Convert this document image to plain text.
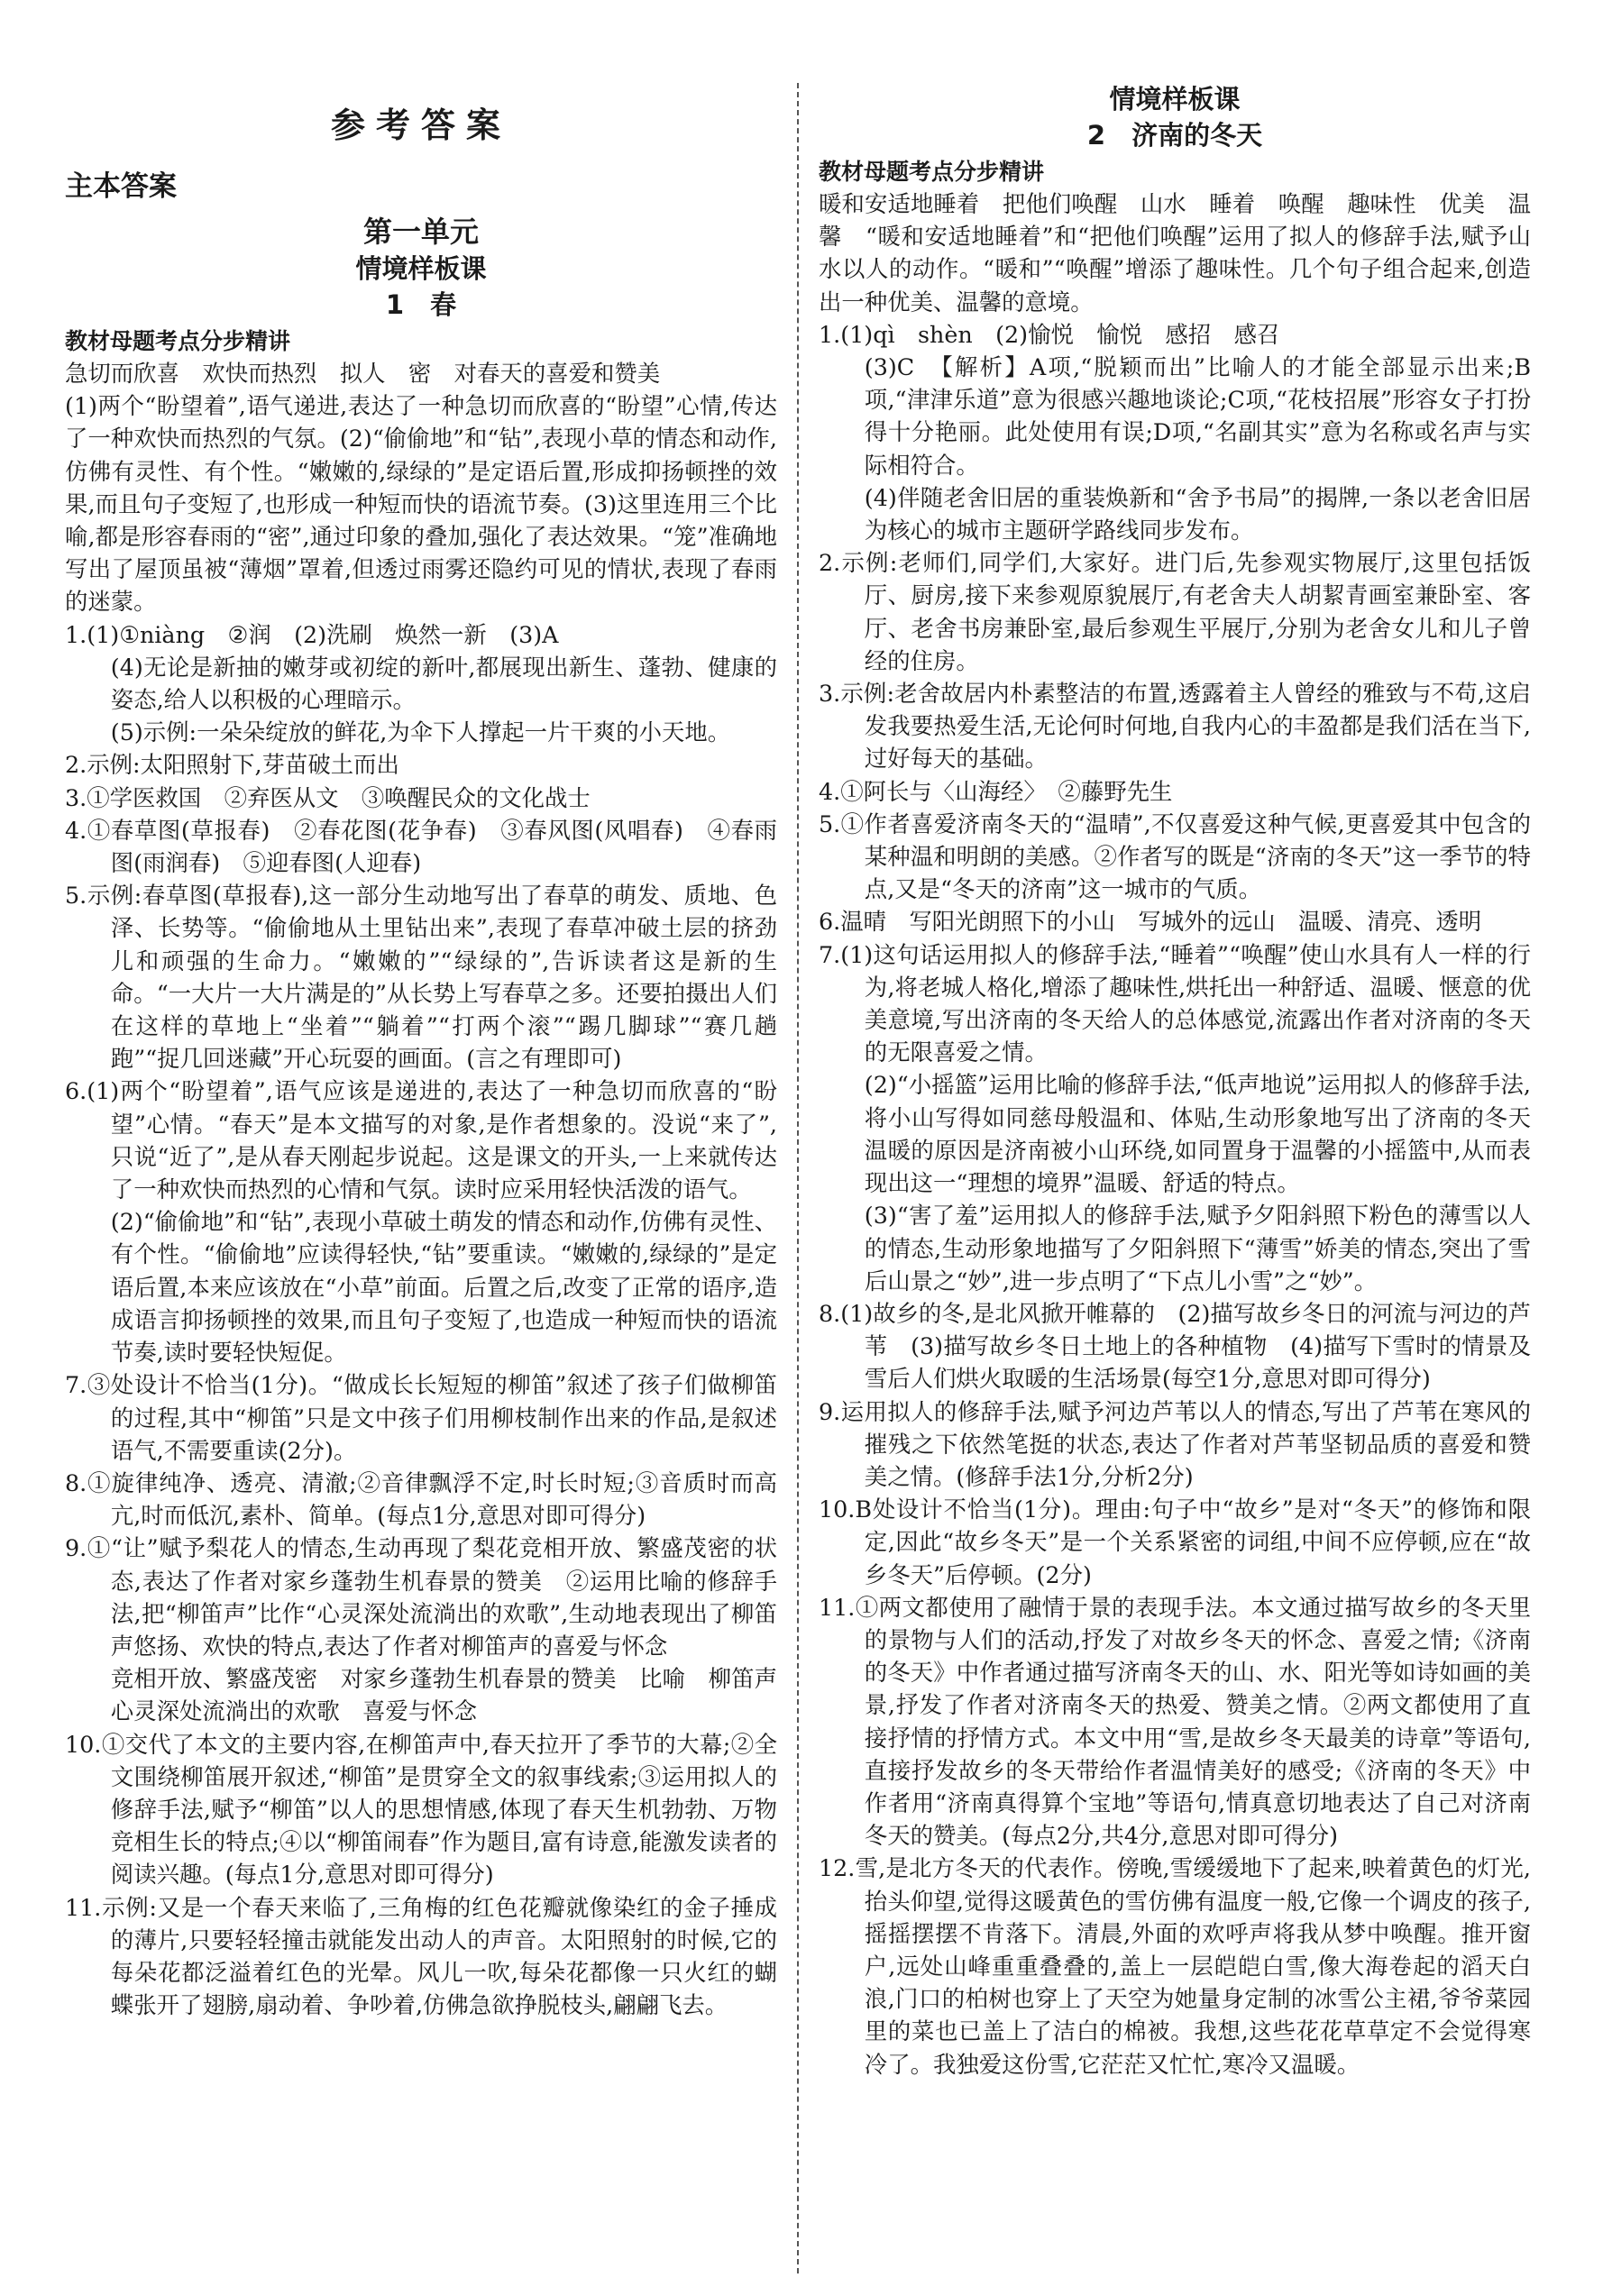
参考答案
主本答案
第一单元
情境样板课
1　春
教材母题考点分步精讲

急切而欣喜　欢快而热烈　拟人　密　对春天的喜爱和赞美

(1)两个“盼望着”,语气递进,表达了一种急切而欣喜的“盼望”心情,传达了一种欢快而热烈的气氛。(2)“偷偷地”和“钻”,表现小草的情态和动作,仿佛有灵性、有个性。“嫩嫩的,绿绿的”是定语后置,形成抑扬顿挫的效果,而且句子变短了,也形成一种短而快的语流节奏。(3)这里连用三个比喻,都是形容春雨的“密”,通过印象的叠加,强化了表达效果。“笼”准确地写出了屋顶虽被“薄烟”罩着,但透过雨雾还隐约可见的情状,表现了春雨的迷蒙。

1.(1)①niàng　②润　(2)洗刷　焕然一新　(3)A

(4)无论是新抽的嫩芽或初绽的新叶,都展现出新生、蓬勃、健康的姿态,给人以积极的心理暗示。

(5)示例:一朵朵绽放的鲜花,为伞下人撑起一片干爽的小天地。

2.示例:太阳照射下,芽苗破土而出

3.①学医救国　②弃医从文　③唤醒民众的文化战士

4.①春草图(草报春)　②春花图(花争春)　③春风图(风唱春)　④春雨图(雨润春)　⑤迎春图(人迎春)

5.示例:春草图(草报春),这一部分生动地写出了春草的萌发、质地、色泽、长势等。“偷偷地从土里钻出来”,表现了春草冲破土层的挤劲儿和顽强的生命力。“嫩嫩的”“绿绿的”,告诉读者这是新的生命。“一大片一大片满是的”从长势上写春草之多。还要拍摄出人们在这样的草地上“坐着”“躺着”“打两个滚”“踢几脚球”“赛几趟跑”“捉几回迷藏”开心玩耍的画面。(言之有理即可)

6.(1)两个“盼望着”,语气应该是递进的,表达了一种急切而欣喜的“盼望”心情。“春天”是本文描写的对象,是作者想象的。没说“来了”,只说“近了”,是从春天刚起步说起。这是课文的开头,一上来就传达了一种欢快而热烈的心情和气氛。读时应采用轻快活泼的语气。

(2)“偷偷地”和“钻”,表现小草破土萌发的情态和动作,仿佛有灵性、有个性。“偷偷地”应读得轻快,“钻”要重读。“嫩嫩的,绿绿的”是定语后置,本来应该放在“小草”前面。后置之后,改变了正常的语序,造成语言抑扬顿挫的效果,而且句子变短了,也造成一种短而快的语流节奏,读时要轻快短促。

7.③处设计不恰当(1分)。“做成长长短短的柳笛”叙述了孩子们做柳笛的过程,其中“柳笛”只是文中孩子们用柳枝制作出来的作品,是叙述语气,不需要重读(2分)。

8.①旋律纯净、透亮、清澈;②音律飘浮不定,时长时短;③音质时而高亢,时而低沉,素朴、简单。(每点1分,意思对即可得分)

9.①“让”赋予梨花人的情态,生动再现了梨花竞相开放、繁盛茂密的状态,表达了作者对家乡蓬勃生机春景的赞美　②运用比喻的修辞手法,把“柳笛声”比作“心灵深处流淌出的欢歌”,生动地表现出了柳笛声悠扬、欢快的特点,表达了作者对柳笛声的喜爱与怀念

竞相开放、繁盛茂密　对家乡蓬勃生机春景的赞美　比喻　柳笛声　心灵深处流淌出的欢歌　喜爱与怀念

10.①交代了本文的主要内容,在柳笛声中,春天拉开了季节的大幕;②全文围绕柳笛展开叙述,“柳笛”是贯穿全文的叙事线索;③运用拟人的修辞手法,赋予“柳笛”以人的思想情感,体现了春天生机勃勃、万物竞相生长的特点;④以“柳笛闹春”作为题目,富有诗意,能激发读者的阅读兴趣。(每点1分,意思对即可得分)

11.示例:又是一个春天来临了,三角梅的红色花瓣就像染红的金子捶成的薄片,只要轻轻撞击就能发出动人的声音。太阳照射的时候,它的每朵花都泛溢着红色的光晕。风儿一吹,每朵花都像一只火红的蝴蝶张开了翅膀,扇动着、争吵着,仿佛急欲挣脱枝头,翩翩飞去。

情境样板课
2　济南的冬天
教材母题考点分步精讲

暖和安适地睡着　把他们唤醒　山水　睡着　唤醒　趣味性　优美　温馨　“暖和安适地睡着”和“把他们唤醒”运用了拟人的修辞手法,赋予山水以人的动作。“暖和”“唤醒”增添了趣味性。几个句子组合起来,创造出一种优美、温馨的意境。

1.(1)qì　shèn　(2)愉悦　愉悦　感招　感召

(3)C　【解析】A项,“脱颖而出”比喻人的才能全部显示出来;B项,“津津乐道”意为很感兴趣地谈论;C项,“花枝招展”形容女子打扮得十分艳丽。此处使用有误;D项,“名副其实”意为名称或名声与实际相符合。

(4)伴随老舍旧居的重装焕新和“舍予书局”的揭牌,一条以老舍旧居为核心的城市主题研学路线同步发布。

2.示例:老师们,同学们,大家好。进门后,先参观实物展厅,这里包括饭厅、厨房,接下来参观原貌展厅,有老舍夫人胡絜青画室兼卧室、客厅、老舍书房兼卧室,最后参观生平展厅,分别为老舍女儿和儿子曾经的住房。

3.示例:老舍故居内朴素整洁的布置,透露着主人曾经的雅致与不苟,这启发我要热爱生活,无论何时何地,自我内心的丰盈都是我们活在当下,过好每天的基础。

4.①阿长与〈山海经〉　②藤野先生

5.①作者喜爱济南冬天的“温晴”,不仅喜爱这种气候,更喜爱其中包含的某种温和明朗的美感。②作者写的既是“济南的冬天”这一季节的特点,又是“冬天的济南”这一城市的气质。

6.温晴　写阳光朗照下的小山　写城外的远山　温暖、清亮、透明

7.(1)这句话运用拟人的修辞手法,“睡着”“唤醒”使山水具有人一样的行为,将老城人格化,增添了趣味性,烘托出一种舒适、温暖、惬意的优美意境,写出济南的冬天给人的总体感觉,流露出作者对济南的冬天的无限喜爱之情。

(2)“小摇篮”运用比喻的修辞手法,“低声地说”运用拟人的修辞手法,将小山写得如同慈母般温和、体贴,生动形象地写出了济南的冬天温暖的原因是济南被小山环绕,如同置身于温馨的小摇篮中,从而表现出这一“理想的境界”温暖、舒适的特点。

(3)“害了羞”运用拟人的修辞手法,赋予夕阳斜照下粉色的薄雪以人的情态,生动形象地描写了夕阳斜照下“薄雪”娇美的情态,突出了雪后山景之“妙”,进一步点明了“下点儿小雪”之“妙”。

8.(1)故乡的冬,是北风掀开帷幕的　(2)描写故乡冬日的河流与河边的芦苇　(3)描写故乡冬日土地上的各种植物　(4)描写下雪时的情景及雪后人们烘火取暖的生活场景(每空1分,意思对即可得分)

9.运用拟人的修辞手法,赋予河边芦苇以人的情态,写出了芦苇在寒风的摧残之下依然笔挺的状态,表达了作者对芦苇坚韧品质的喜爱和赞美之情。(修辞手法1分,分析2分)

10.B处设计不恰当(1分)。理由:句子中“故乡”是对“冬天”的修饰和限定,因此“故乡冬天”是一个关系紧密的词组,中间不应停顿,应在“故乡冬天”后停顿。(2分)

11.①两文都使用了融情于景的表现手法。本文通过描写故乡的冬天里的景物与人们的活动,抒发了对故乡冬天的怀念、喜爱之情;《济南的冬天》中作者通过描写济南冬天的山、水、阳光等如诗如画的美景,抒发了作者对济南冬天的热爱、赞美之情。②两文都使用了直接抒情的抒情方式。本文中用“雪,是故乡冬天最美的诗章”等语句,直接抒发故乡的冬天带给作者温情美好的感受;《济南的冬天》中作者用“济南真得算个宝地”等语句,情真意切地表达了自己对济南冬天的赞美。(每点2分,共4分,意思对即可得分)

12.雪,是北方冬天的代表作。傍晚,雪缓缓地下了起来,映着黄色的灯光,抬头仰望,觉得这暖黄色的雪仿佛有温度一般,它像一个调皮的孩子,摇摇摆摆不肯落下。清晨,外面的欢呼声将我从梦中唤醒。推开窗户,远处山峰重重叠叠的,盖上一层皑皑白雪,像大海卷起的滔天白浪,门口的柏树也穿上了天空为她量身定制的冰雪公主裙,爷爷菜园里的菜也已盖上了洁白的棉被。我想,这些花花草草定不会觉得寒冷了。我独爱这份雪,它茫茫又忙忙,寒冷又温暖。
